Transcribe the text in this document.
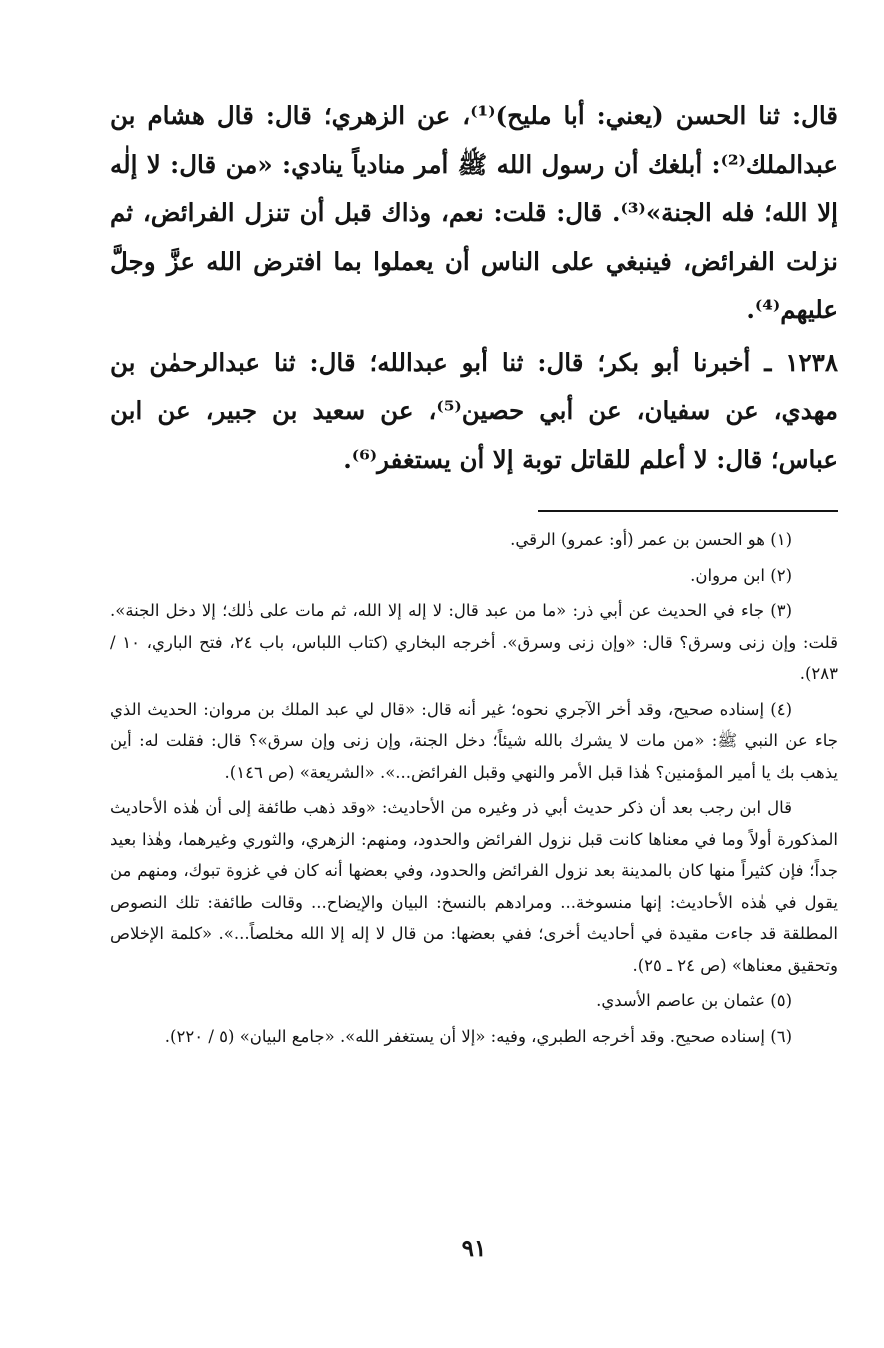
قال: ثنا الحسن (يعني: أبا مليح)⁽¹⁾، عن الزهري؛ قال: قال هشام بن عبدالملك⁽²⁾: أبلغك أن رسول الله ﷺ أمر منادياً ينادي: «من قال: لا إلٰه إلا الله؛ فله الجنة»⁽³⁾. قال: قلت: نعم، وذاك قبل أن تنزل الفرائض، ثم نزلت الفرائض، فينبغي على الناس أن يعملوا بما افترض الله عزَّ وجلَّ عليهم⁽⁴⁾.

١٢٣٨ ـ أخبرنا أبو بكر؛ قال: ثنا أبو عبدالله؛ قال: ثنا عبدالرحمٰن بن مهدي، عن سفيان، عن أبي حصين⁽⁵⁾، عن سعيد بن جبير، عن ابن عباس؛ قال: لا أعلم للقاتل توبة إلا أن يستغفر⁽⁶⁾.

(١) هو الحسن بن عمر (أو: عمرو) الرقي.

(٢) ابن مروان.

(٣) جاء في الحديث عن أبي ذر: «ما من عبد قال: لا إله إلا الله، ثم مات على ذٰلك؛ إلا دخل الجنة». قلت: وإن زنى وسرق؟ قال: «وإن زنى وسرق». أخرجه البخاري (كتاب اللباس، باب ٢٤، فتح الباري، ١٠ / ٢٨٣).

(٤) إسناده صحيح، وقد أخر الآجري نحوه؛ غير أنه قال: «قال لي عبد الملك بن مروان: الحديث الذي جاء عن النبي ﷺ: «من مات لا يشرك بالله شيئاً؛ دخل الجنة، وإن زنى وإن سرق»؟ قال: فقلت له: أين يذهب بك يا أمير المؤمنين؟ هٰذا قبل الأمر والنهي وقبل الفرائض...». «الشريعة» (ص ١٤٦).

قال ابن رجب بعد أن ذكر حديث أبي ذر وغيره من الأحاديث: «وقد ذهب طائفة إلى أن هٰذه الأحاديث المذكورة أولاً وما في معناها كانت قبل نزول الفرائض والحدود، ومنهم: الزهري، والثوري وغيرهما، وهٰذا بعيد جداً؛ فإن كثيراً منها كان بالمدينة بعد نزول الفرائض والحدود، وفي بعضها أنه كان في غزوة تبوك، ومنهم من يقول في هٰذه الأحاديث: إنها منسوخة... ومرادهم بالنسخ: البيان والإيضاح... وقالت طائفة: تلك النصوص المطلقة قد جاءت مقيدة في أحاديث أخرى؛ ففي بعضها: من قال لا إله إلا الله مخلصاً...». «كلمة الإخلاص وتحقيق معناها» (ص ٢٤ ـ ٢٥).

(٥) عثمان بن عاصم الأسدي.

(٦) إسناده صحيح. وقد أخرجه الطبري، وفيه: «إلا أن يستغفر الله». «جامع البيان» (٥ / ٢٢٠).

٩١
